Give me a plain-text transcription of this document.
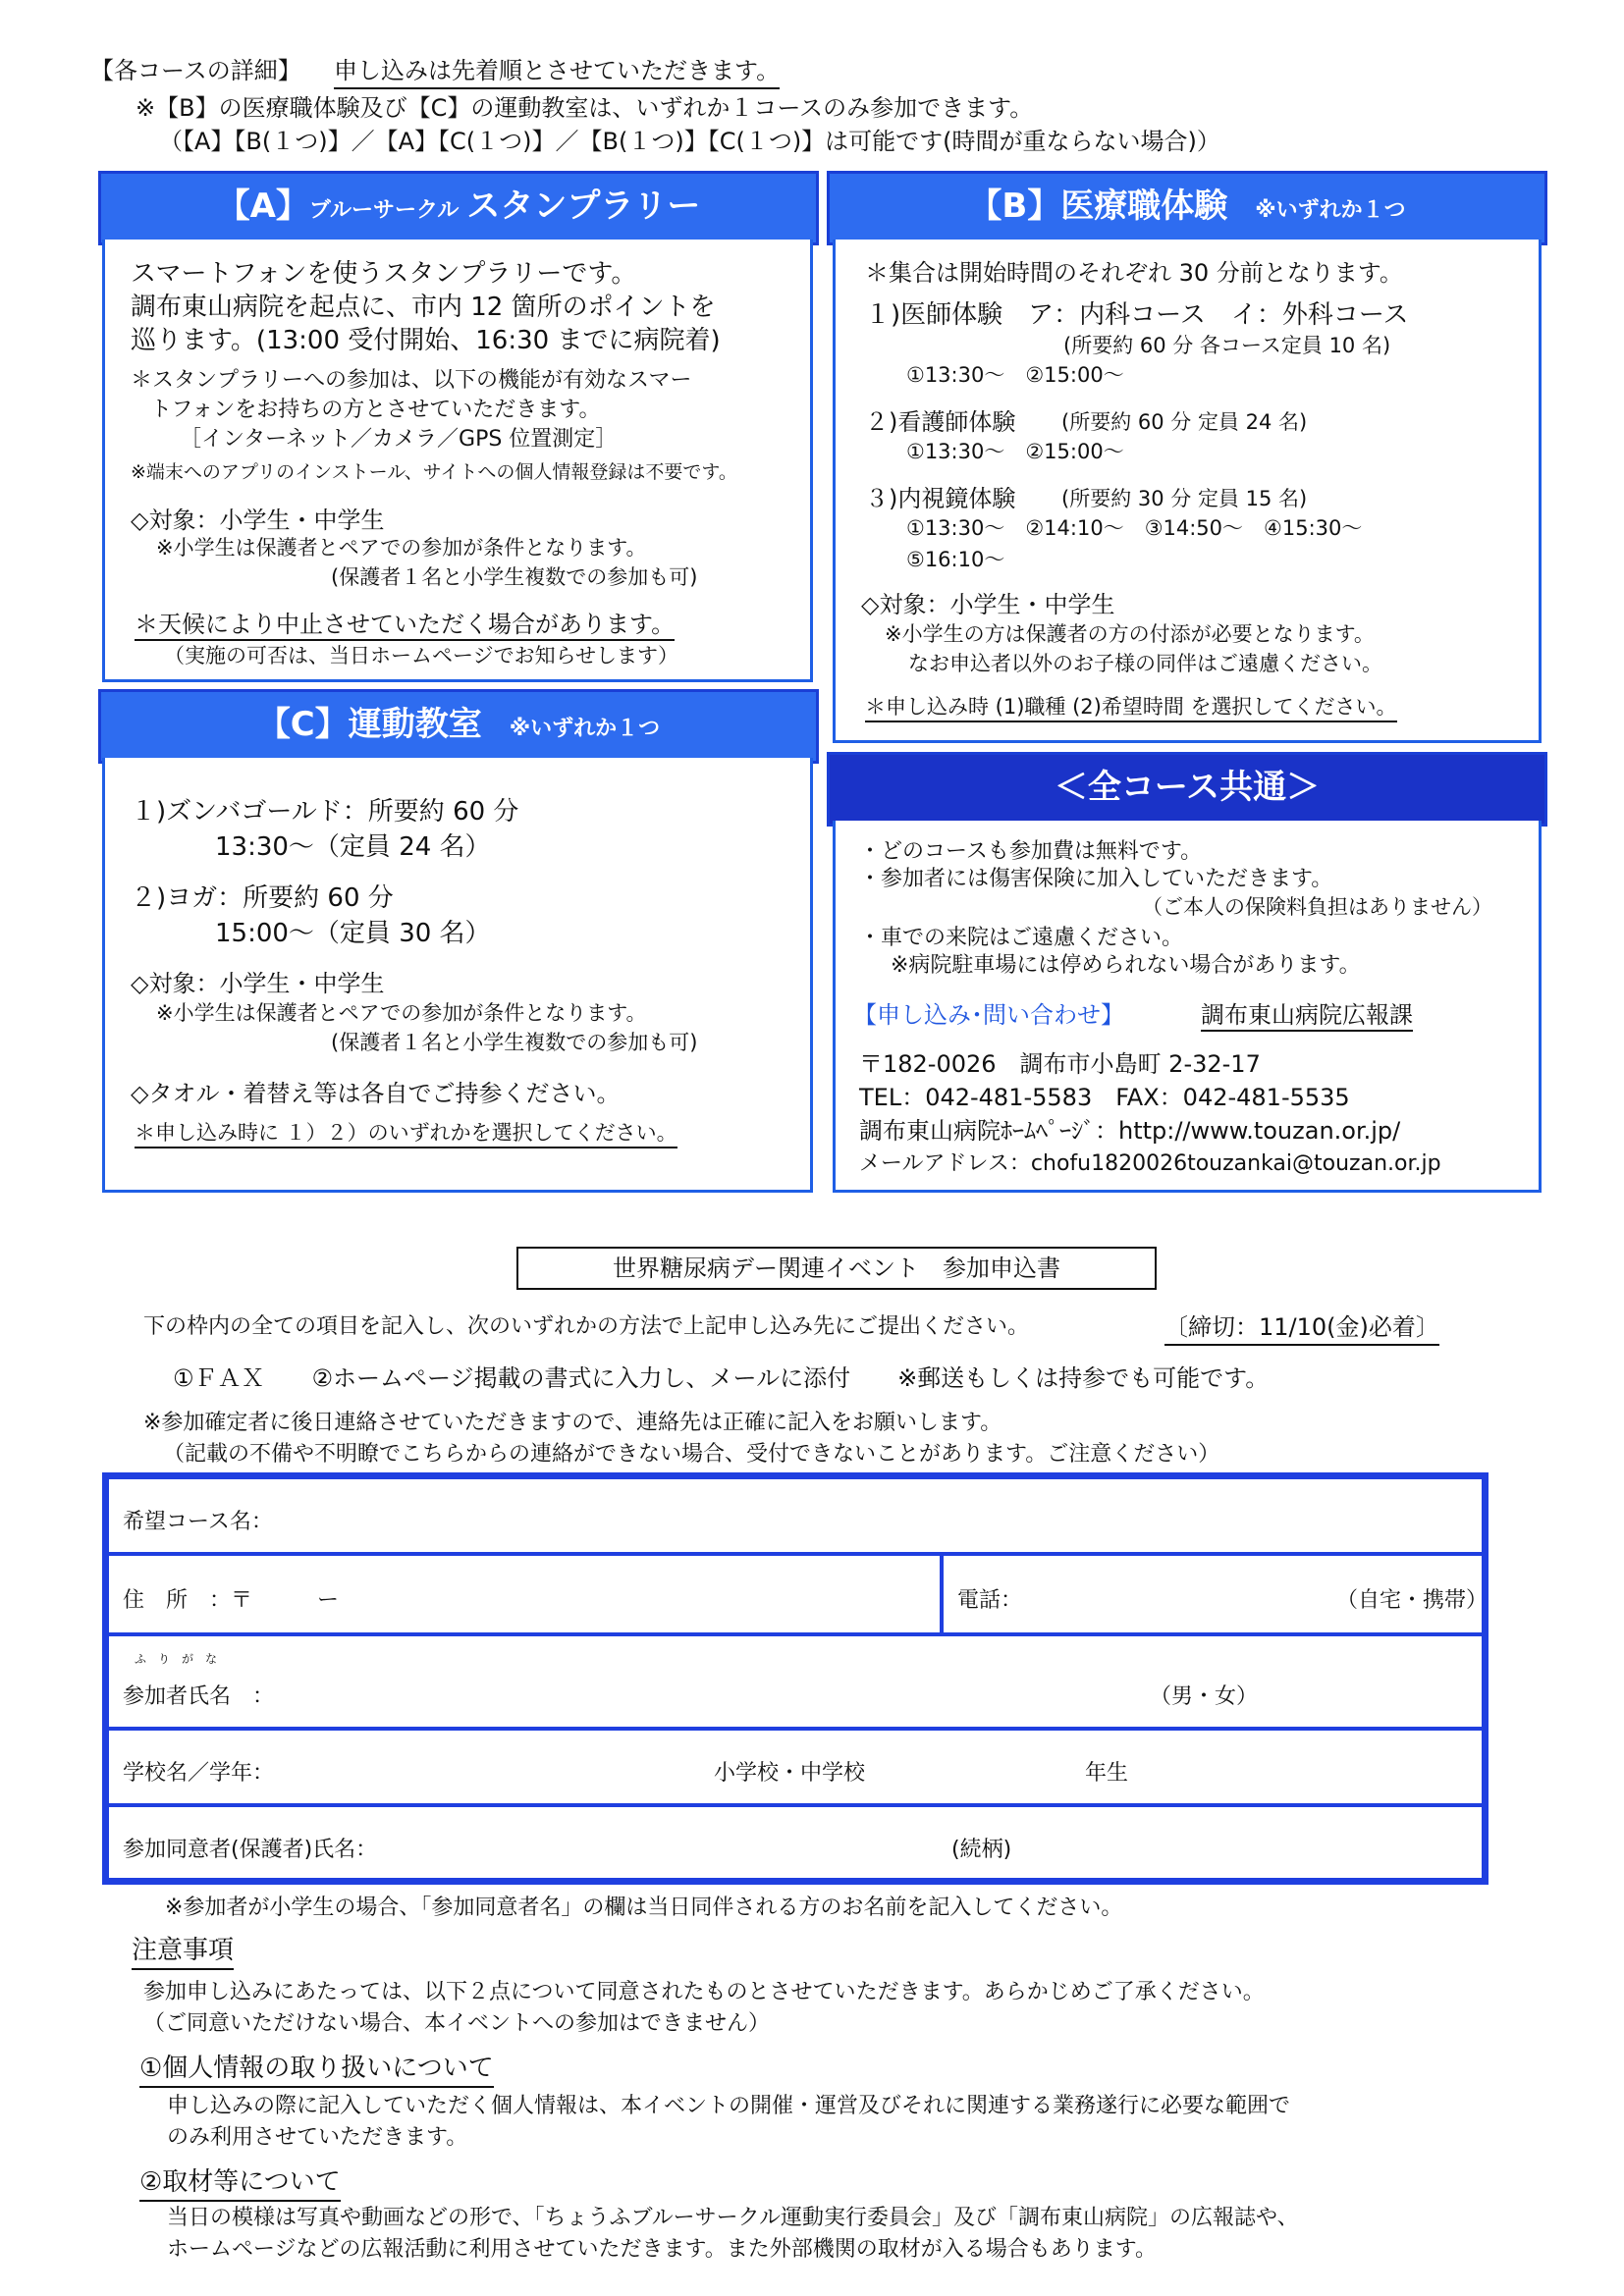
【各コースの詳細】 申し込みは先着順とさせていただきます。
※【B】の医療職体験及び【C】の運動教室は、いずれか１コースのみ参加できます。
（【A】【B(１つ)】／【A】【C(１つ)】／【B(１つ)】【C(１つ)】は可能です(時間が重ならない場合)）
【A】ブルーサークル スタンプラリー
スマートフォンを使うスタンプラリーです。
調布東山病院を起点に、市内 12 箇所のポイントを
巡ります。(13:00 受付開始、16:30 までに病院着)
＊スタンプラリーへの参加は、以下の機能が有効なスマー
トフォンをお持ちの方とさせていただきます。
［インターネット／カメラ／GPS 位置測定］
※端末へのアプリのインストール、サイトへの個人情報登録は不要です。
◇対象：小学生・中学生
※小学生は保護者とペアでの参加が条件となります。
(保護者１名と小学生複数での参加も可)
＊天候により中止させていただく場合があります。
（実施の可否は、当日ホームページでお知らせします）
【B】医療職体験 ※いずれか１つ
＊集合は開始時間のそれぞれ 30 分前となります。
１)医師体験　ア：内科コース　イ：外科コース
(所要約 60 分 各コース定員 10 名)
①13:30～　②15:00～
２)看護師体験 (所要約 60 分 定員 24 名)
①13:30～　②15:00～
３)内視鏡体験 (所要約 30 分 定員 15 名)
①13:30～　②14:10～　③14:50～　④15:30～
⑤16:10～
◇対象：小学生・中学生
※小学生の方は保護者の方の付添が必要となります。
なお申込者以外のお子様の同伴はご遠慮ください。
＊申し込み時 (1)職種 (2)希望時間 を選択してください。
【C】運動教室 ※いずれか１つ
１)ズンバゴールド：所要約 60 分
13:30～（定員 24 名）
２)ヨガ：所要約 60 分
15:00～（定員 30 名）
◇対象：小学生・中学生
※小学生は保護者とペアでの参加が条件となります。
(保護者１名と小学生複数での参加も可)
◇タオル・着替え等は各自でご持参ください。
＊申し込み時に １）２）のいずれかを選択してください。
＜全コース共通＞
・どのコースも参加費は無料です。
・参加者には傷害保険に加入していただきます。
（ご本人の保険料負担はありません）
・車での来院はご遠慮ください。
※病院駐車場には停められない場合があります。
【申し込み･問い合わせ】	調布東山病院広報課
〒182-0026　調布市小島町 2-32-17
TEL：042-481-5583　FAX：042-481-5535
調布東山病院ﾎｰﾑﾍﾟｰｼﾞ：http://www.touzan.or.jp/
メールアドレス：chofu1820026touzankai@touzan.or.jp
世界糖尿病デー関連イベント　参加申込書
下の枠内の全ての項目を記入し、次のいずれかの方法で上記申し込み先にご提出ください。	〔締切：11/10(金)必着〕
①ＦＡＸ　　②ホームページ掲載の書式に入力し、メールに添付　　※郵送もしくは持参でも可能です。
※参加確定者に後日連絡させていただきますので、連絡先は正確に記入をお願いします。
（記載の不備や不明瞭でこちらからの連絡ができない場合、受付できないことがあります。ご注意ください）
希望コース名：
住　所　：〒　　　ー	電話：	（自宅・携帯）
ふ　り　が　な
参加者氏名　：	（男・女）
学校名／学年：	小学校・中学校	年生
参加同意者(保護者)氏名：	(続柄)
※参加者が小学生の場合、「参加同意者名」の欄は当日同伴される方のお名前を記入してください。
注意事項
参加申し込みにあたっては、以下２点について同意されたものとさせていただきます。あらかじめご了承ください。
（ご同意いただけない場合、本イベントへの参加はできません）
①個人情報の取り扱いについて
申し込みの際に記入していただく個人情報は、本イベントの開催・運営及びそれに関連する業務遂行に必要な範囲で
のみ利用させていただきます。
②取材等について
当日の模様は写真や動画などの形で、「ちょうふブルーサークル運動実行委員会」及び「調布東山病院」の広報誌や、
ホームページなどの広報活動に利用させていただきます。また外部機関の取材が入る場合もあります。
